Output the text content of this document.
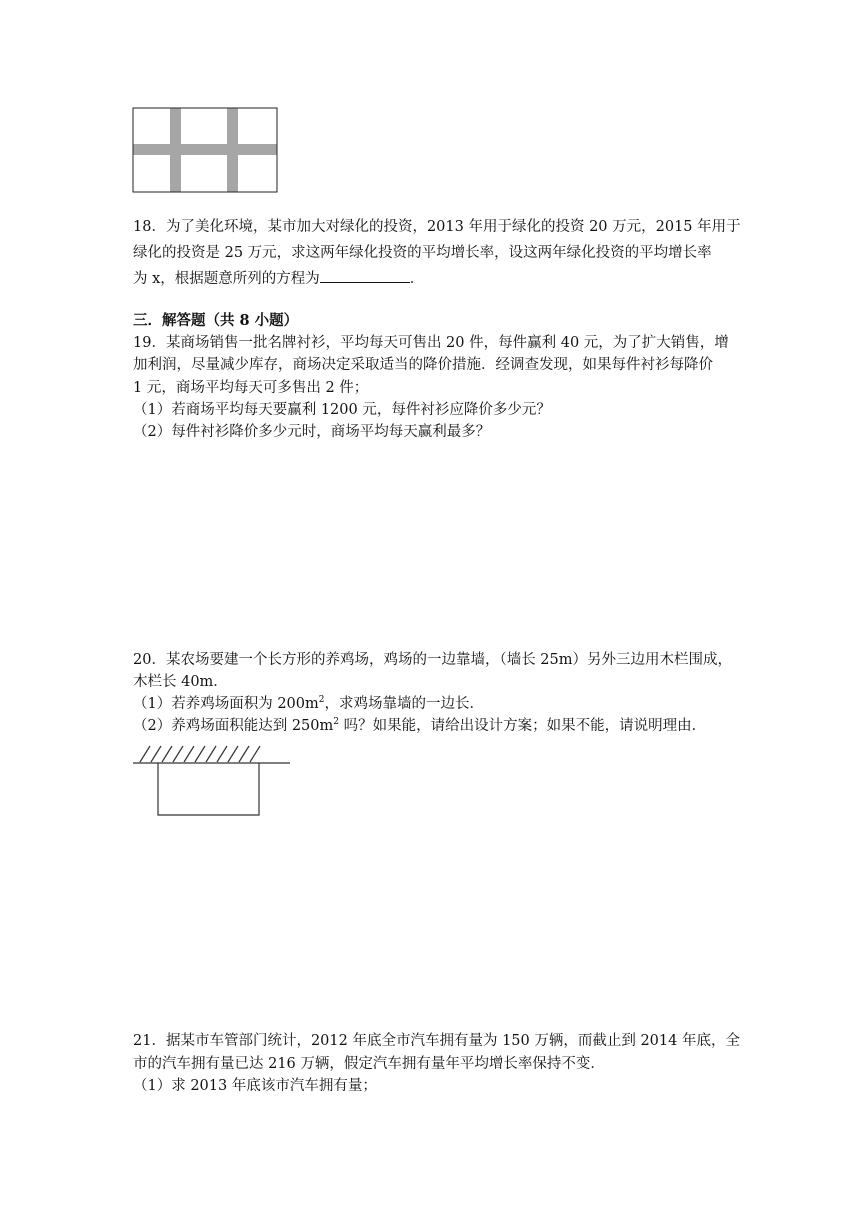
18．为了美化环境，某市加大对绿化的投资，2013 年用于绿化的投资 20 万元，2015 年用于
绿化的投资是 25 万元，求这两年绿化投资的平均增长率，设这两年绿化投资的平均增长率
为 x，根据题意所列的方程为	．
三．解答题（共 8 小题）
19．某商场销售一批名牌衬衫，平均每天可售出 20 件，每件赢利 40 元，为了扩大销售，增
加利润，尽量减少库存，商场决定采取适当的降价措施．经调查发现，如果每件衬衫每降价
1 元，商场平均每天可多售出 2 件；
（1）若商场平均每天要赢利 1200 元，每件衬衫应降价多少元？
（2）每件衬衫降价多少元时，商场平均每天赢利最多？
20．某农场要建一个长方形的养鸡场，鸡场的一边靠墙，（墙长 25m）另外三边用木栏围成，
木栏长 40m．
（1）若养鸡场面积为 $200m^2$，求鸡场靠墙的一边长．
（2）养鸡场面积能达到 $250m^2$ 吗？如果能，请给出设计方案；如果不能，请说明理由．
21．据某市车管部门统计，2012 年底全市汽车拥有量为 150 万辆，而截止到 2014 年底，全
市的汽车拥有量已达 216 万辆，假定汽车拥有量年平均增长率保持不变．
（1）求 2013 年底该市汽车拥有量；
